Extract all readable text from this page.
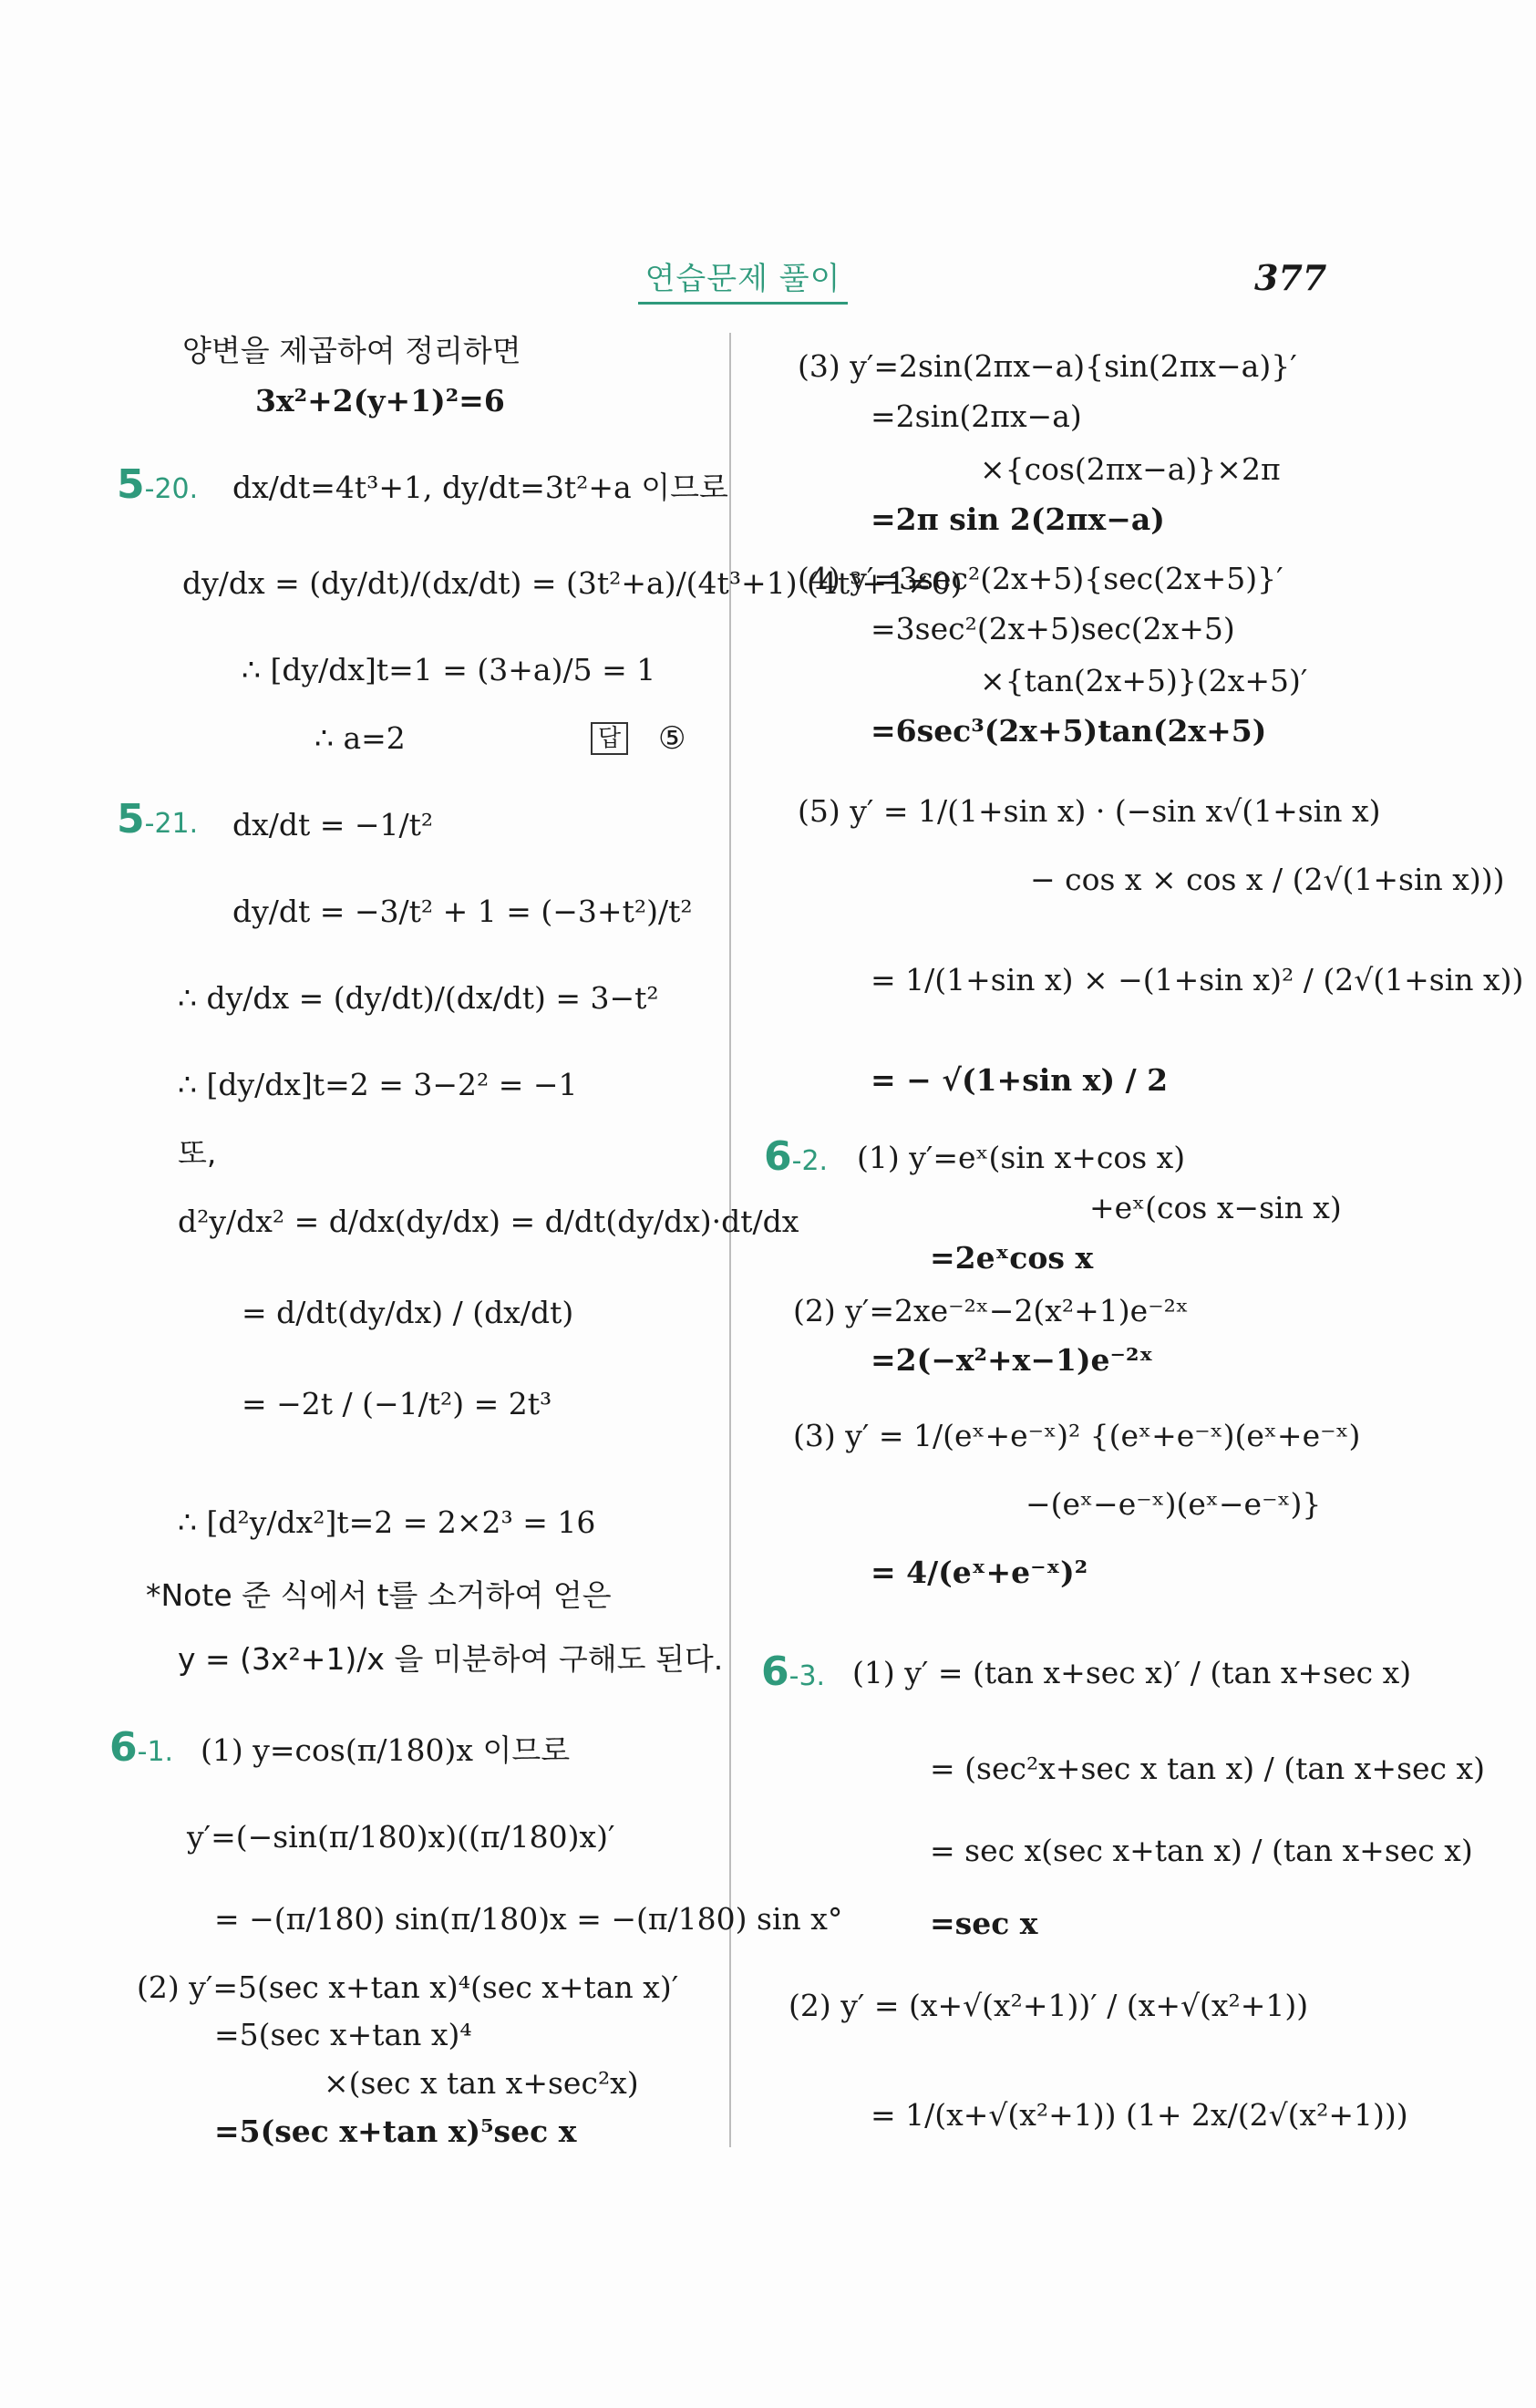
연습문제 풀이	377
양변을 제곱하여 정리하면
3x²+2(y+1)²=6
5-20. dx/dt=4t³+1, dy/dt=3t²+a 이므로
dy/dx = (dy/dt)/(dx/dt) = (3t²+a)/(4t³+1) (4t³+1≠0)
∴ [dy/dx]t=1 = (3+a)/5 = 1
∴ a=2	답 ⑤
5-21. dx/dt = −1/t²
dy/dt = −3/t² + 1 = (−3+t²)/t²
∴ dy/dx = (dy/dt)/(dx/dt) = 3−t²
∴ [dy/dx]t=2 = 3−2² = −1
또,
d²y/dx² = d/dx(dy/dx) = d/dt(dy/dx)·dt/dx
= d/dt(dy/dx) / (dx/dt)
= −2t / (−1/t²) = 2t³
∴ [d²y/dx²]t=2 = 2×2³ = 16
*Note 준 식에서 t를 소거하여 얻은
y = (3x²+1)/x 을 미분하여 구해도 된다.
6-1. (1) y=cos(π/180)x 이므로
y′=(−sin(π/180)x)((π/180)x)′
= −(π/180) sin(π/180)x = −(π/180) sin x°
(2) y′=5(sec x+tan x)⁴(sec x+tan x)′
=5(sec x+tan x)⁴
×(sec x tan x+sec²x)
=5(sec x+tan x)⁵sec x
(3) y′=2sin(2πx−a){sin(2πx−a)}′
=2sin(2πx−a)
×{cos(2πx−a)}×2π
=2π sin 2(2πx−a)
(4) y′=3sec²(2x+5){sec(2x+5)}′
=3sec²(2x+5)sec(2x+5)
×{tan(2x+5)}(2x+5)′
=6sec³(2x+5)tan(2x+5)
(5) y′ = 1/(1+sin x) · (−sin x√(1+sin x)
− cos x × cos x / (2√(1+sin x)))
= 1/(1+sin x) × −(1+sin x)² / (2√(1+sin x))
= − √(1+sin x) / 2
6-2. (1) y′=eˣ(sin x+cos x)
+eˣ(cos x−sin x)
=2eˣcos x
(2) y′=2xe⁻²ˣ−2(x²+1)e⁻²ˣ
=2(−x²+x−1)e⁻²ˣ
(3) y′ = 1/(eˣ+e⁻ˣ)² {(eˣ+e⁻ˣ)(eˣ+e⁻ˣ)
−(eˣ−e⁻ˣ)(eˣ−e⁻ˣ)}
= 4/(eˣ+e⁻ˣ)²
6-3. (1) y′ = (tan x+sec x)′ / (tan x+sec x)
= (sec²x+sec x tan x) / (tan x+sec x)
= sec x(sec x+tan x) / (tan x+sec x)
=sec x
(2) y′ = (x+√(x²+1))′ / (x+√(x²+1))
= 1/(x+√(x²+1)) (1+ 2x/(2√(x²+1)))
